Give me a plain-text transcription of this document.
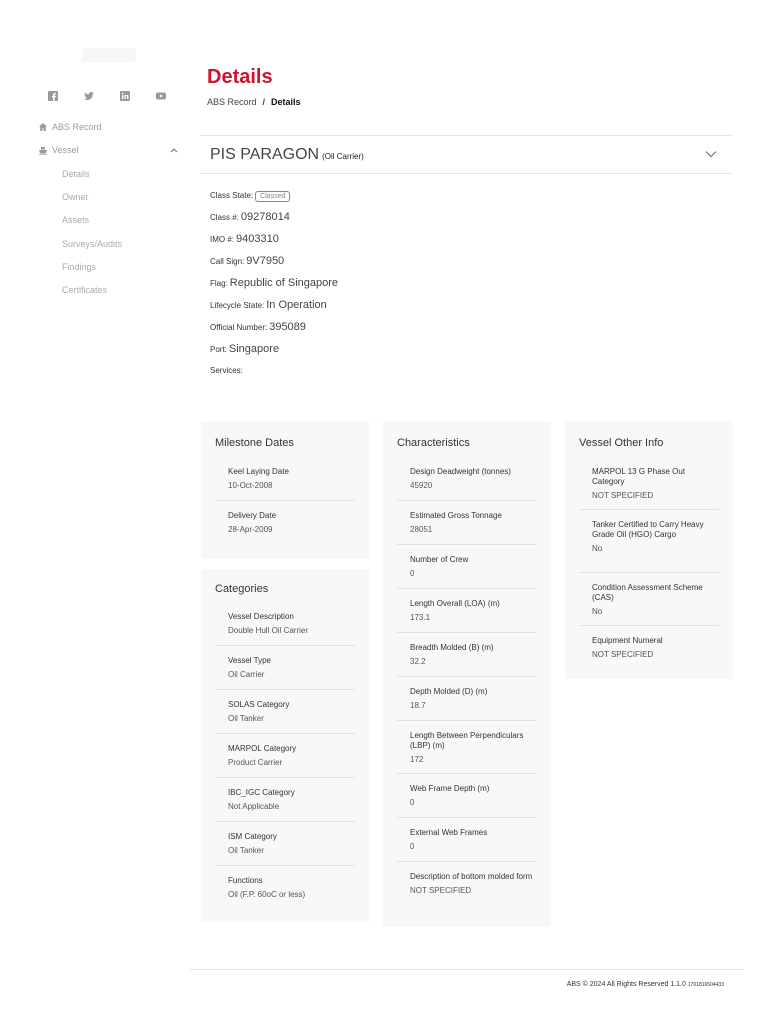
ABS Record
Vessel
Details
Owner
Assets
Surveys/Audits
Findings
Certificates
Details
ABS Record / Details
PIS PARAGON (Oil Carrier)
Class State: Classed
Class #: 09278014
IMO #: 9403310
Call Sign: 9V7950
Flag: Republic of Singapore
Lifecycle State: In Operation
Official Number: 395089
Port: Singapore
Services:
Milestone Dates
Keel Laying Date
10-Oct-2008
Delivery Date
28-Apr-2009
Categories
Vessel Description
Double Hull Oil Carrier
Vessel Type
Oil Carrier
SOLAS Category
Oil Tanker
MARPOL Category
Product Carrier
IBC_IGC Category
Not Applicable
ISM Category
Oil Tanker
Functions
Oil (F.P. 60oC or less)
Characteristics
Design Deadweight (tonnes)
45920
Estimated Gross Tonnage
28051
Number of Crew
0
Length Overall (LOA) (m)
173.1
Breadth Molded (B) (m)
32.2
Depth Molded (D) (m)
18.7
Length Between Perpendiculars (LBP) (m)
172
Web Frame Depth (m)
0
External Web Frames
0
Description of bottom molded form
NOT SPECIFIED
Vessel Other Info
MARPOL 13 G Phase Out Category
NOT SPECIFIED
Tanker Certified to Carry Heavy Grade Oil (HGO) Cargo
No
Condition Assessment Scheme (CAS)
No
Equipment Numeral
NOT SPECIFIED
ABS © 2024 All Rights Reserved 1.1.0 1701816504433
